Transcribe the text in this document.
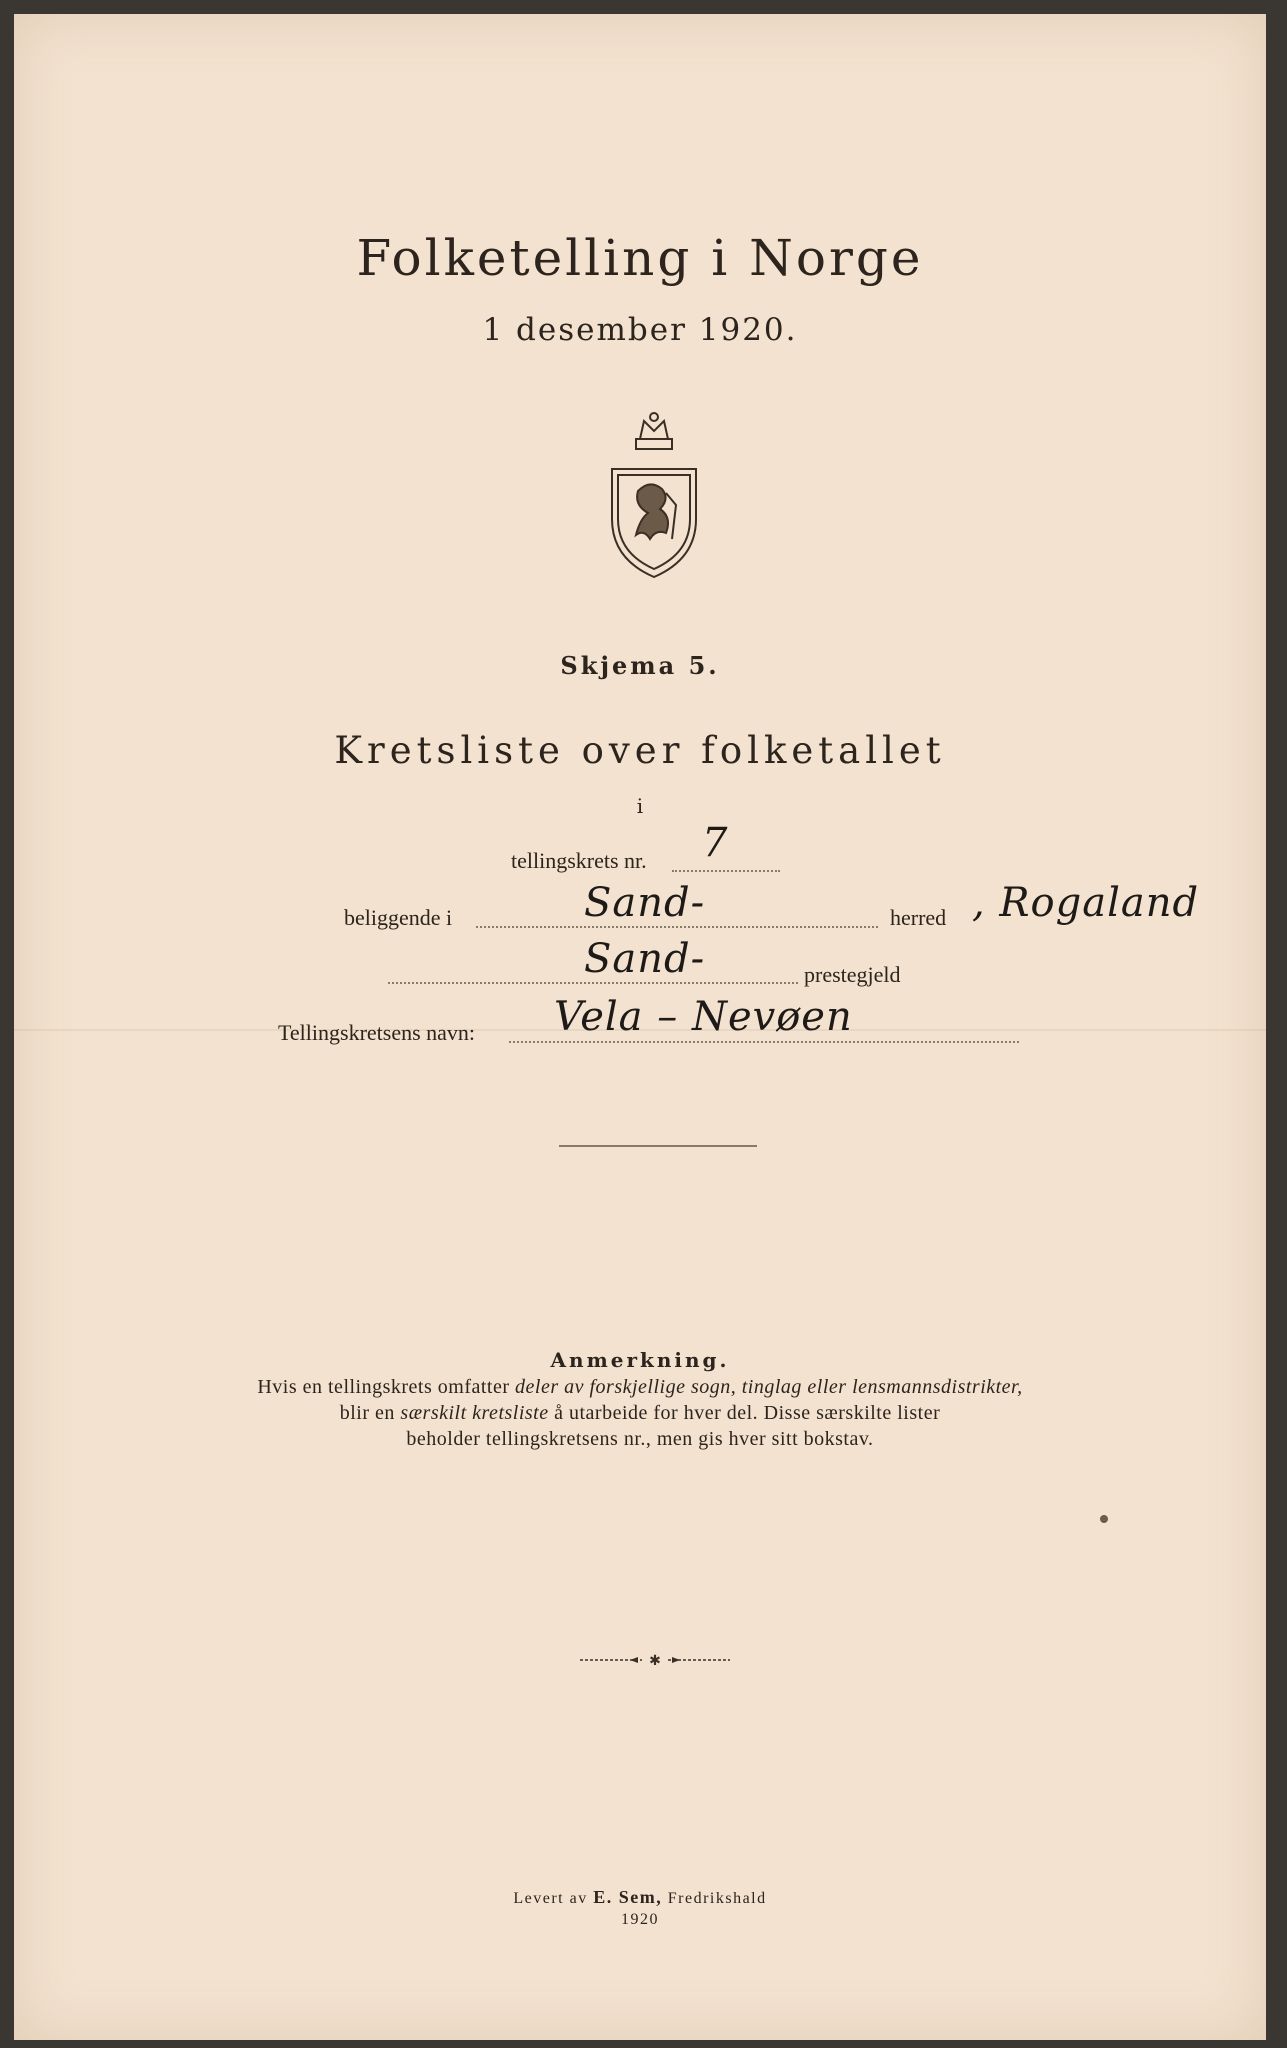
Folketelling i Norge
1 desember 1920.
Skjema 5.
Kretsliste over folketallet
i
tellingskrets nr. 7
beliggende i	Sand-	herred , Rogaland
Sand-	prestegjeld
Tellingskretsens navn: Vela – Nevøen
Anmerkning.
Hvis en tellingskrets omfatter deler av forskjellige sogn, tinglag eller lensmannsdistrikter,
blir en særskilt kretsliste å utarbeide for hver del. Disse særskilte lister
beholder tellingskretsens nr., men gis hver sitt bokstav.
✱
Levert av E. Sem, Fredrikshald
1920
